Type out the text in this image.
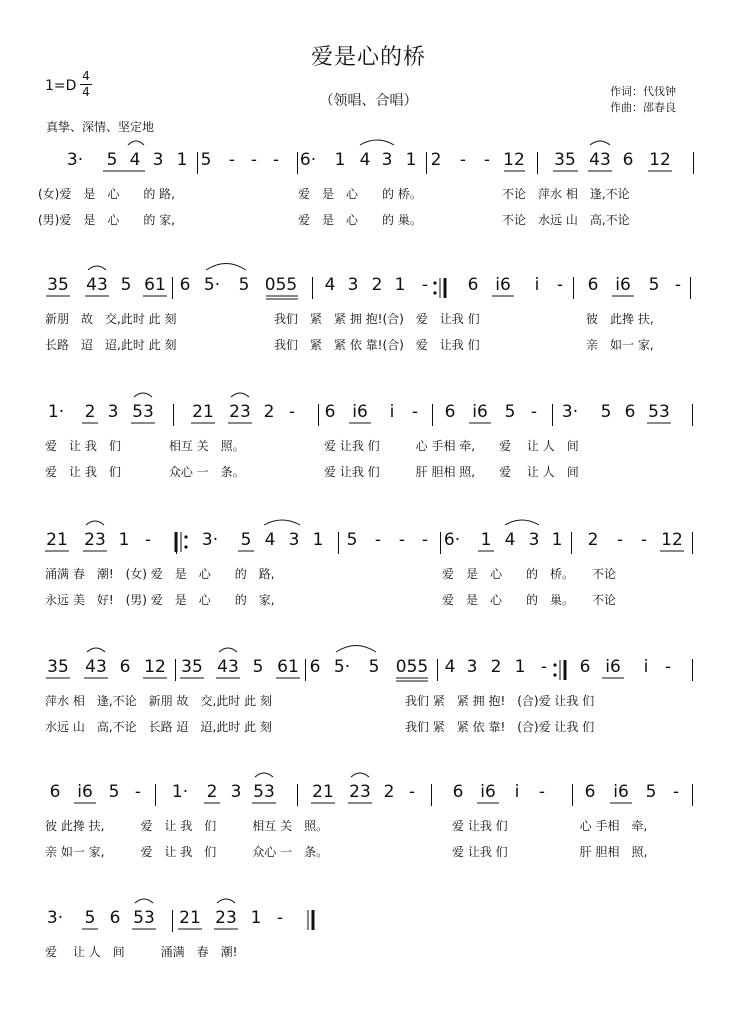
爱是心的桥
（领唱、合唱）
1=D
4
4	作词：代伐钟
作曲：邵春良
真挚、深情、坚定地
3· 5 4 3 1 5 - - - 6· 1 4 3 1 2 - - 12 35 43 6 12
(女)爱　是　心　　的 路,	爱　是　心　　的 桥。	不论　萍水 相　逢,不论
(男)爱　是　心　　的 家,	爱　是　心　　的 巢。	不论　水远 山　高,不论
35 43 5 61 6 5· 5 055 4 3 2 1 - 6 i6 i - 6 i6 5 -
新朋　故　交,此时 此 刻	我们　紧　紧 拥 抱!(合)　爱　让我 们	彼　此搀 扶,
长路　迢　迢,此时 此 刻	我们　紧　紧 依 靠!(合)　爱　让我 们	亲　如一 家,
1· 2 3 53 21 23 2 - 6 i6 i - 6 i6 5 - 3· 5 6 53
爱　让 我　们　　　　相互 关　照。	爱 让我 们　　　心 手相 牵,　　爱　 让 人　间
爱　让 我　们　　　　众心 一　条。	爱 让我 们　　　肝 胆相 照,　　爱　 让 人　间
21 23 1 -	3· 5 4 3 1 5 - - - 6· 1 4 3 1 2 - - 12
涌满 春　潮!　(女) 爱　是　心　　的　路,	爱　是　心　　的　桥。　　不论
永远 美　好!　(男) 爱　是　心　　的　家,	爱　是　心　　的　巢。　　不论
35 43 6 12 35 43 5 61 6 5· 5 055 4 3 2 1 - 6 i6 i -
萍水 相　逢,不论　新朋 故　交,此时 此 刻	我们 紧　紧 拥 抱!　(合)爱 让我 们
水远 山　高,不论　长路 迢　迢,此时 此 刻	我们 紧　紧 依 靠!　(合)爱 让我 们
6 i6 5 - 1· 2 3 53 21 23 2 - 6 i6 i - 6 i6 5 -
彼 此搀 扶,　　　爱　让 我　们　　　相互 关　照。	爱 让我 们　　　　　　心 手相　牵,
亲 如一 家,　　　爱　让 我　们　　　众心 一　条。	爱 让我 们　　　　　　肝 胆相　照,
3· 5 6 53 21 23 1 -
爱　 让 人　间　　　涌满　春　潮!
